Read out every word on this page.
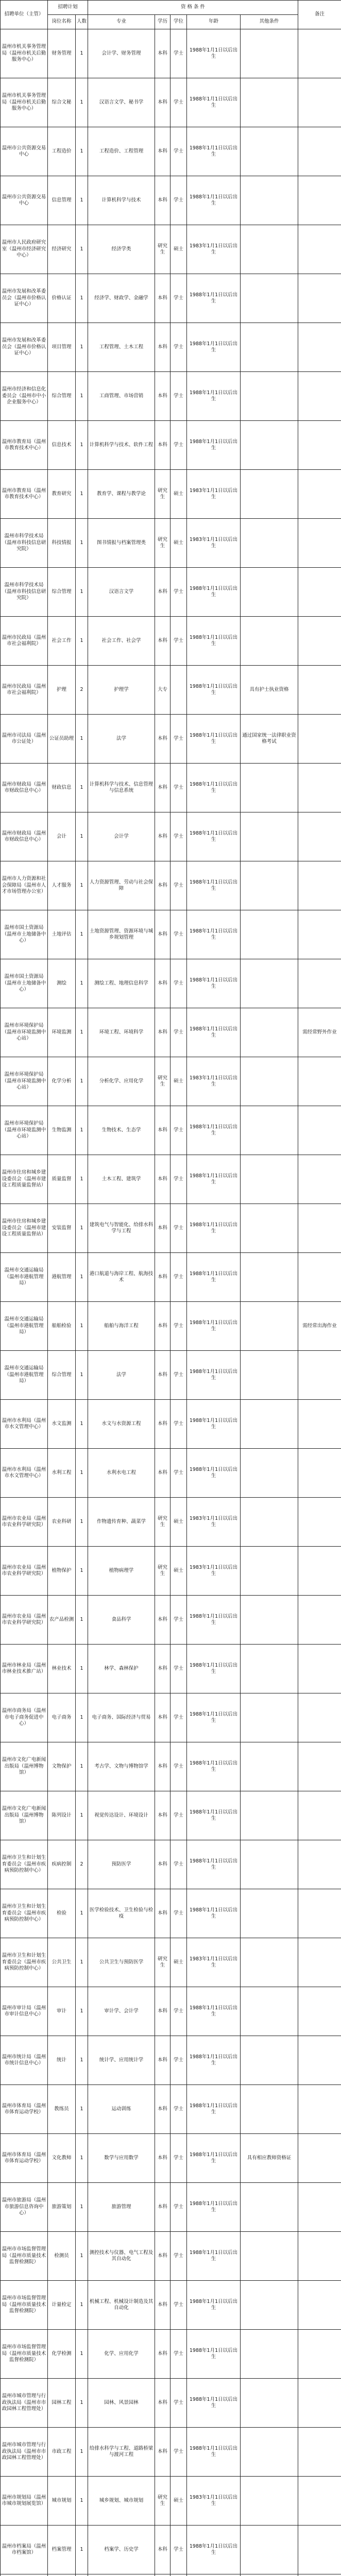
招聘单位（主管）	招聘计划		资 格 条 件					备注
	岗位名称	人数	专业	学历	学位	年龄	其他条件	

温州市机关事务管理局（温州市机关后勤服务中心）	财务管理	1	会计学、财务管理	本科	学士	1988年1月1日以后出生		

温州市机关事务管理局（温州市机关后勤服务中心）	综合文秘	1	汉语言文学、秘书学	本科	学士	1988年1月1日以后出生		

温州市公共资源交易中心	工程造价	1	工程造价、工程管理	本科	学士	1988年1月1日以后出生		

温州市公共资源交易中心	信息管理	1	计算机科学与技术	本科	学士	1988年1月1日以后出生		

温州市人民政府研究室（温州市经济研究中心）	经济研究	1	经济学类	研究生	硕士	1983年1月1日以后出生		

温州市发展和改革委员会（温州市价格认证中心）	价格认证	1	经济学、财政学、金融学	本科	学士	1988年1月1日以后出生		

温州市发展和改革委员会（温州市价格认证中心）	项目管理	1	工程管理、土木工程	本科	学士	1988年1月1日以后出生		

温州市经济和信息化委员会（温州市中小企业服务中心）	综合管理	1	工商管理、市场营销	本科	学士	1988年1月1日以后出生		

温州市教育局（温州市教育技术中心）	信息技术	1	计算机科学与技术、软件工程	本科	学士	1988年1月1日以后出生		

温州市教育局（温州市教育技术中心）	教育研究	1	教育学、课程与教学论	研究生	硕士	1983年1月1日以后出生		

温州市科学技术局（温州市科技信息研究院）	科技情报	1	图书情报与档案管理类	研究生	硕士	1983年1月1日以后出生		

温州市科学技术局（温州市科技信息研究院）	综合管理	1	汉语言文学	本科	学士	1988年1月1日以后出生		

温州市民政局（温州市社会福利院）	社会工作	1	社会工作、社会学	本科	学士	1988年1月1日以后出生		

温州市民政局（温州市社会福利院）	护理	2	护理学	大专		1988年1月1日以后出生	具有护士执业资格	

温州市司法局（温州市公证处）	公证员助理	1	法学	本科	学士	1988年1月1日以后出生	通过国家统一法律职业资格考试	

温州市财政局（温州市财政信息中心）	财政信息	1	计算机科学与技术、信息管理与信息系统	本科	学士	1988年1月1日以后出生		

温州市财政局（温州市财政信息中心）	会计	1	会计学	本科	学士	1988年1月1日以后出生		

温州市人力资源和社会保障局（温州市人才市场管理办公室）	人才服务	1	人力资源管理、劳动与社会保障	本科	学士	1988年1月1日以后出生		

温州市国土资源局（温州市土地储备中心）	土地评估	1	土地资源管理、资源环境与城乡规划管理	本科	学士	1988年1月1日以后出生		

温州市国土资源局（温州市土地储备中心）	测绘	1	测绘工程、地理信息科学	本科	学士	1988年1月1日以后出生		

温州市环境保护局（温州市环境监测中心站）	环境监测	1	环境工程、环境科学	本科	学士	1988年1月1日以后出生		需经常野外作业

温州市环境保护局（温州市环境监测中心站）	化学分析	1	分析化学、应用化学	研究生	硕士	1983年1月1日以后出生		

温州市环境保护局（温州市环境监测中心站）	生物监测	1	生物技术、生态学	本科	学士	1988年1月1日以后出生		

温州市住房和城乡建设委员会（温州市建设工程质量监督站）	质量监督	1	土木工程、建筑学	本科	学士	1988年1月1日以后出生		

温州市住房和城乡建设委员会（温州市建设工程质量监督站）	安装监督	1	建筑电气与智能化、给排水科学与工程	本科	学士	1988年1月1日以后出生		

温州市交通运输局（温州市港航管理局）	港航管理	1	港口航道与海岸工程、航海技术	本科	学士	1988年1月1日以后出生		

温州市交通运输局（温州市港航管理局）	船舶检验	1	船舶与海洋工程	本科	学士	1988年1月1日以后出生		需经常出海作业

温州市交通运输局（温州市港航管理局）	综合管理	1	法学	本科	学士	1988年1月1日以后出生		

温州市水利局（温州市水文管理中心）	水文监测	1	水文与水资源工程	本科	学士	1988年1月1日以后出生		

温州市水利局（温州市水文管理中心）	水利工程	1	水利水电工程	本科	学士	1988年1月1日以后出生		

温州市农业局（温州市农业科学研究院）	农业科研	1	作物遗传育种、蔬菜学	研究生	硕士	1983年1月1日以后出生		

温州市农业局（温州市农业科学研究院）	植物保护	1	植物病理学	研究生	硕士	1983年1月1日以后出生		

温州市农业局（温州市农业科学研究院）	农产品检测	1	食品科学	本科	学士	1988年1月1日以后出生		

温州市林业局（温州市林业技术推广站）	林业技术	1	林学、森林保护	本科	学士	1988年1月1日以后出生		

温州市商务局（温州市电子商务促进中心）	电子商务	1	电子商务、国际经济与贸易	本科	学士	1988年1月1日以后出生		

温州市文化广电新闻出版局（温州博物馆）	文物保护	1	考古学、文物与博物馆学	本科	学士	1988年1月1日以后出生		

温州市文化广电新闻出版局（温州博物馆）	陈列设计	1	视觉传达设计、环境设计	本科	学士	1988年1月1日以后出生		

温州市卫生和计划生育委员会（温州市疾病预防控制中心）	疾病控制	2	预防医学	本科	学士	1988年1月1日以后出生		

温州市卫生和计划生育委员会（温州市疾病预防控制中心）	检验	1	医学检验技术、卫生检验与检疫	本科	学士	1988年1月1日以后出生		

温州市卫生和计划生育委员会（温州市疾病预防控制中心）	公共卫生	1	公共卫生与预防医学	研究生	硕士	1983年1月1日以后出生		

温州市审计局（温州市审计信息中心）	审计	1	审计学、会计学	本科	学士	1988年1月1日以后出生		

温州市统计局（温州市统计信息中心）	统计	1	统计学、应用统计学	本科	学士	1988年1月1日以后出生		

温州市体育局（温州市体育运动学校）	教练员	1	运动训练	本科	学士	1988年1月1日以后出生		

温州市体育局（温州市体育运动学校）	文化教师	1	数学与应用数学	本科	学士	1988年1月1日以后出生	具有相应教师资格证	

温州市旅游局（温州市旅游信息咨询中心）	旅游策划	1	旅游管理	本科	学士	1988年1月1日以后出生		

温州市市场监督管理局（温州市质量技术监督检测院）	检测员	1	测控技术与仪器、电气工程及其自动化	本科	学士	1988年1月1日以后出生		

温州市市场监督管理局（温州市质量技术监督检测院）	计量检定	1	机械工程、机械设计制造及其自动化	本科	学士	1988年1月1日以后出生		

温州市市场监督管理局（温州市质量技术监督检测院）	化学检测	1	化学、应用化学	本科	学士	1988年1月1日以后出生		

温州市城市管理与行政执法局（温州市市政园林工程管理处）	园林工程	1	园林、风景园林	本科	学士	1988年1月1日以后出生		

温州市城市管理与行政执法局（温州市市政园林工程管理处）	市政工程	1	给排水科学与工程、道路桥梁与渡河工程	本科	学士	1988年1月1日以后出生		

温州市规划局（温州市城市规划展览馆）	城市规划	1	城乡规划、城市规划	研究生	硕士	1983年1月1日以后出生		

温州市档案局（温州市档案馆）	档案管理	1	档案学、历史学	本科	学士	1988年1月1日以后出生		
